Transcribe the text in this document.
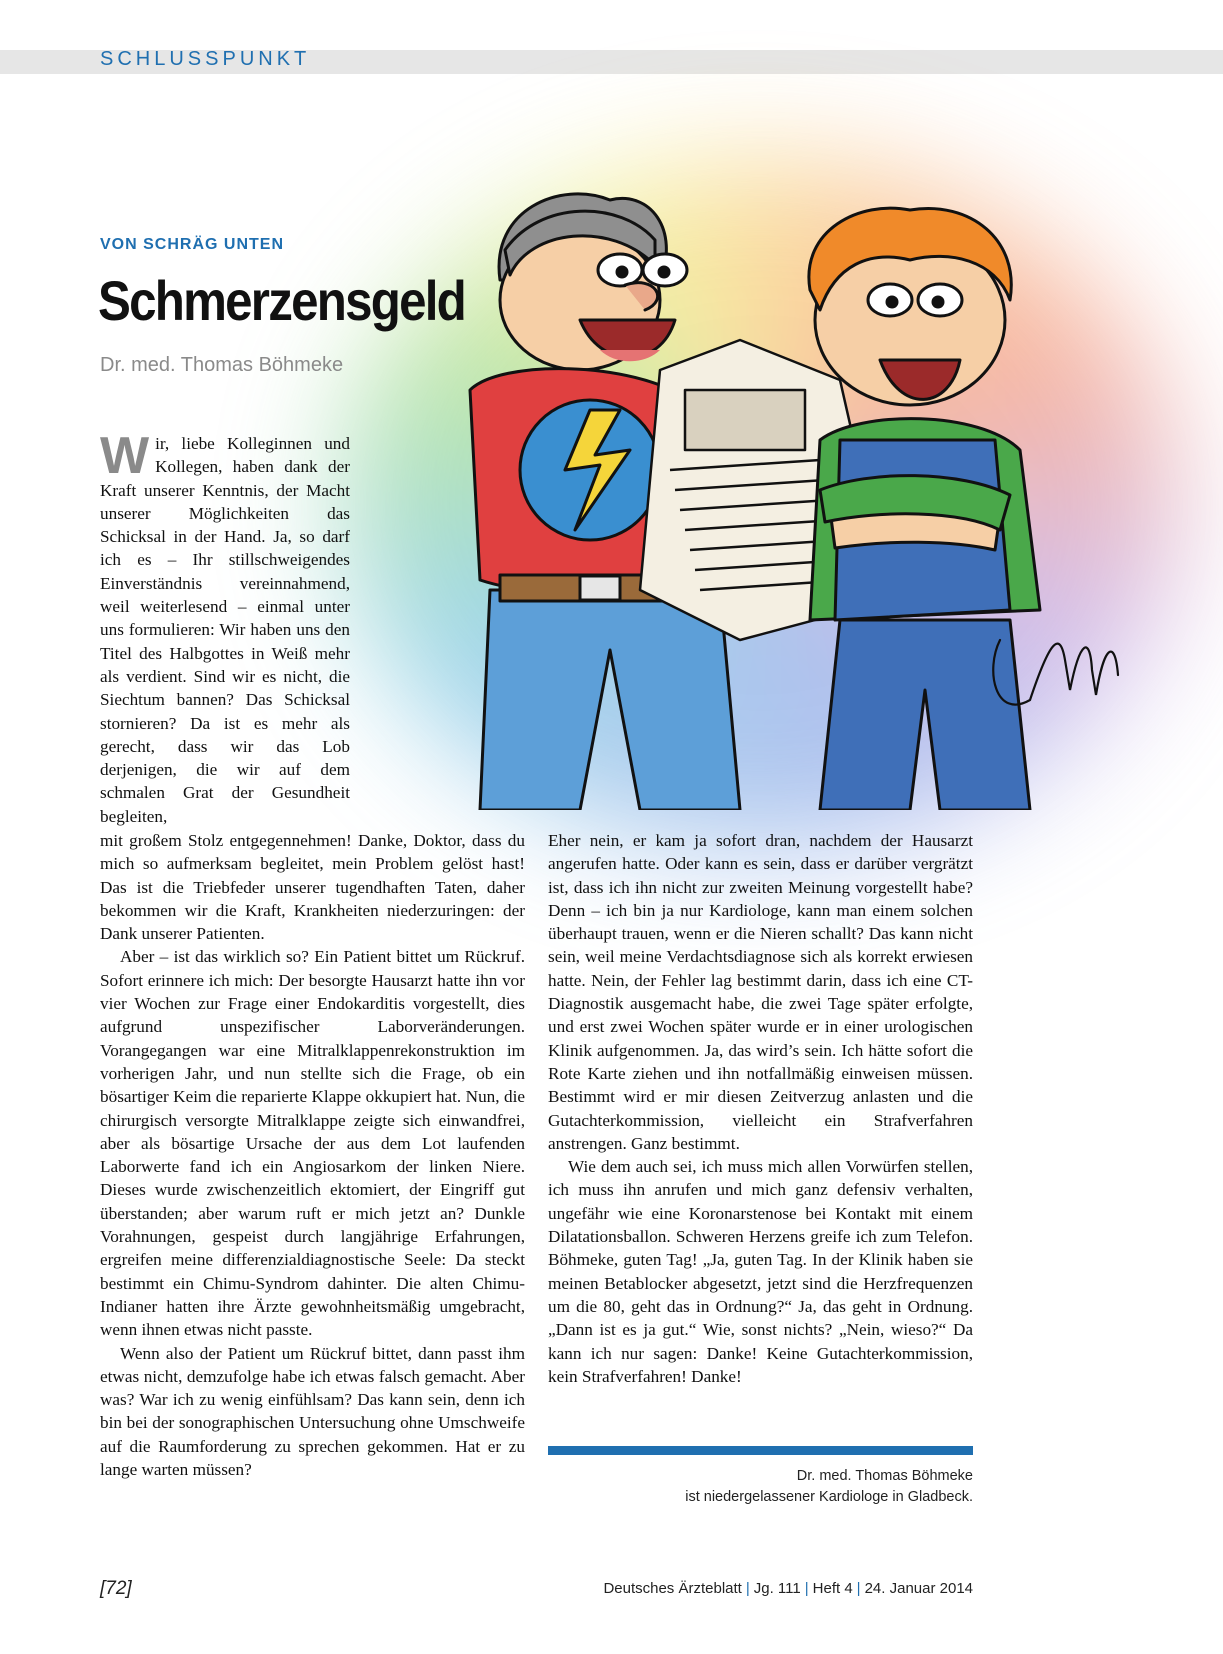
SCHLUSSPUNKT
VON SCHRÄG UNTEN
Schmerzensgeld
Dr. med. Thomas Böhmeke
Wir, liebe Kolleginnen und Kollegen, haben dank der Kraft unserer Kenntnis, der Macht unserer Möglichkeiten das Schicksal in der Hand. Ja, so darf ich es – Ihr stillschweigendes Einverständnis vereinnahmend, weil weiterlesend – einmal unter uns formulieren: Wir haben uns den Titel des Halbgottes in Weiß mehr als verdient. Sind wir es nicht, die Siechtum bannen? Das Schicksal stornieren? Da ist es mehr als gerecht, dass wir das Lob derjenigen, die wir auf dem schmalen Grat der Gesundheit begleiten,

mit großem Stolz entgegennehmen! Danke, Doktor, dass du mich so aufmerksam begleitet, mein Problem gelöst hast! Das ist die Triebfeder unserer tugendhaften Taten, daher bekommen wir die Kraft, Krankheiten niederzuringen: der Dank unserer Patienten.

Aber – ist das wirklich so? Ein Patient bittet um Rückruf. Sofort erinnere ich mich: Der besorgte Hausarzt hatte ihn vor vier Wochen zur Frage einer Endokarditis vorgestellt, dies aufgrund unspezifischer Laborveränderungen. Vorangegangen war eine Mitralklappenrekonstruktion im vorherigen Jahr, und nun stellte sich die Frage, ob ein bösartiger Keim die reparierte Klappe okkupiert hat. Nun, die chirurgisch versorgte Mitralklappe zeigte sich einwandfrei, aber als bösartige Ursache der aus dem Lot laufenden Laborwerte fand ich ein Angiosarkom der linken Niere. Dieses wurde zwischenzeitlich ektomiert, der Eingriff gut überstanden; aber warum ruft er mich jetzt an? Dunkle Vorahnungen, gespeist durch langjährige Erfahrungen, ergreifen meine differenzialdiagnostische Seele: Da steckt bestimmt ein Chimu-Syndrom dahinter. Die alten Chimu-Indianer hatten ihre Ärzte gewohnheitsmäßig umgebracht, wenn ihnen etwas nicht passte.

Wenn also der Patient um Rückruf bittet, dann passt ihm etwas nicht, demzufolge habe ich etwas falsch gemacht. Aber was? War ich zu wenig einfühlsam? Das kann sein, denn ich bin bei der sonographischen Untersuchung ohne Umschweife auf die Raumforderung zu sprechen gekommen. Hat er zu lange warten müssen?

Eher nein, er kam ja sofort dran, nachdem der Hausarzt angerufen hatte. Oder kann es sein, dass er darüber vergrätzt ist, dass ich ihn nicht zur zweiten Meinung vorgestellt habe? Denn – ich bin ja nur Kardiologe, kann man einem solchen überhaupt trauen, wenn er die Nieren schallt? Das kann nicht sein, weil meine Verdachtsdiagnose sich als korrekt erwiesen hatte. Nein, der Fehler lag bestimmt darin, dass ich eine CT-Diagnostik ausgemacht habe, die zwei Tage später erfolgte, und erst zwei Wochen später wurde er in einer urologischen Klinik aufgenommen. Ja, das wird’s sein. Ich hätte sofort die Rote Karte ziehen und ihn notfallmäßig einweisen müssen. Bestimmt wird er mir diesen Zeitverzug anlasten und die Gutachterkommission, vielleicht ein Strafverfahren anstrengen. Ganz bestimmt.

Wie dem auch sei, ich muss mich allen Vorwürfen stellen, ich muss ihn anrufen und mich ganz defensiv verhalten, ungefähr wie eine Koronarstenose bei Kontakt mit einem Dilatationsballon. Schweren Herzens greife ich zum Telefon. Böhmeke, guten Tag! „Ja, guten Tag. In der Klinik haben sie meinen Betablocker abgesetzt, jetzt sind die Herzfrequenzen um die 80, geht das in Ordnung?“ Ja, das geht in Ordnung. „Dann ist es ja gut.“ Wie, sonst nichts? „Nein, wieso?“ Da kann ich nur sagen: Danke! Keine Gutachterkommission, kein Strafverfahren! Danke!

Dr. med. Thomas Böhmeke
ist niedergelassener Kardiologe in Gladbeck.
[72]	Deutsches Ärzteblatt | Jg. 111 | Heft 4 | 24. Januar 2014
